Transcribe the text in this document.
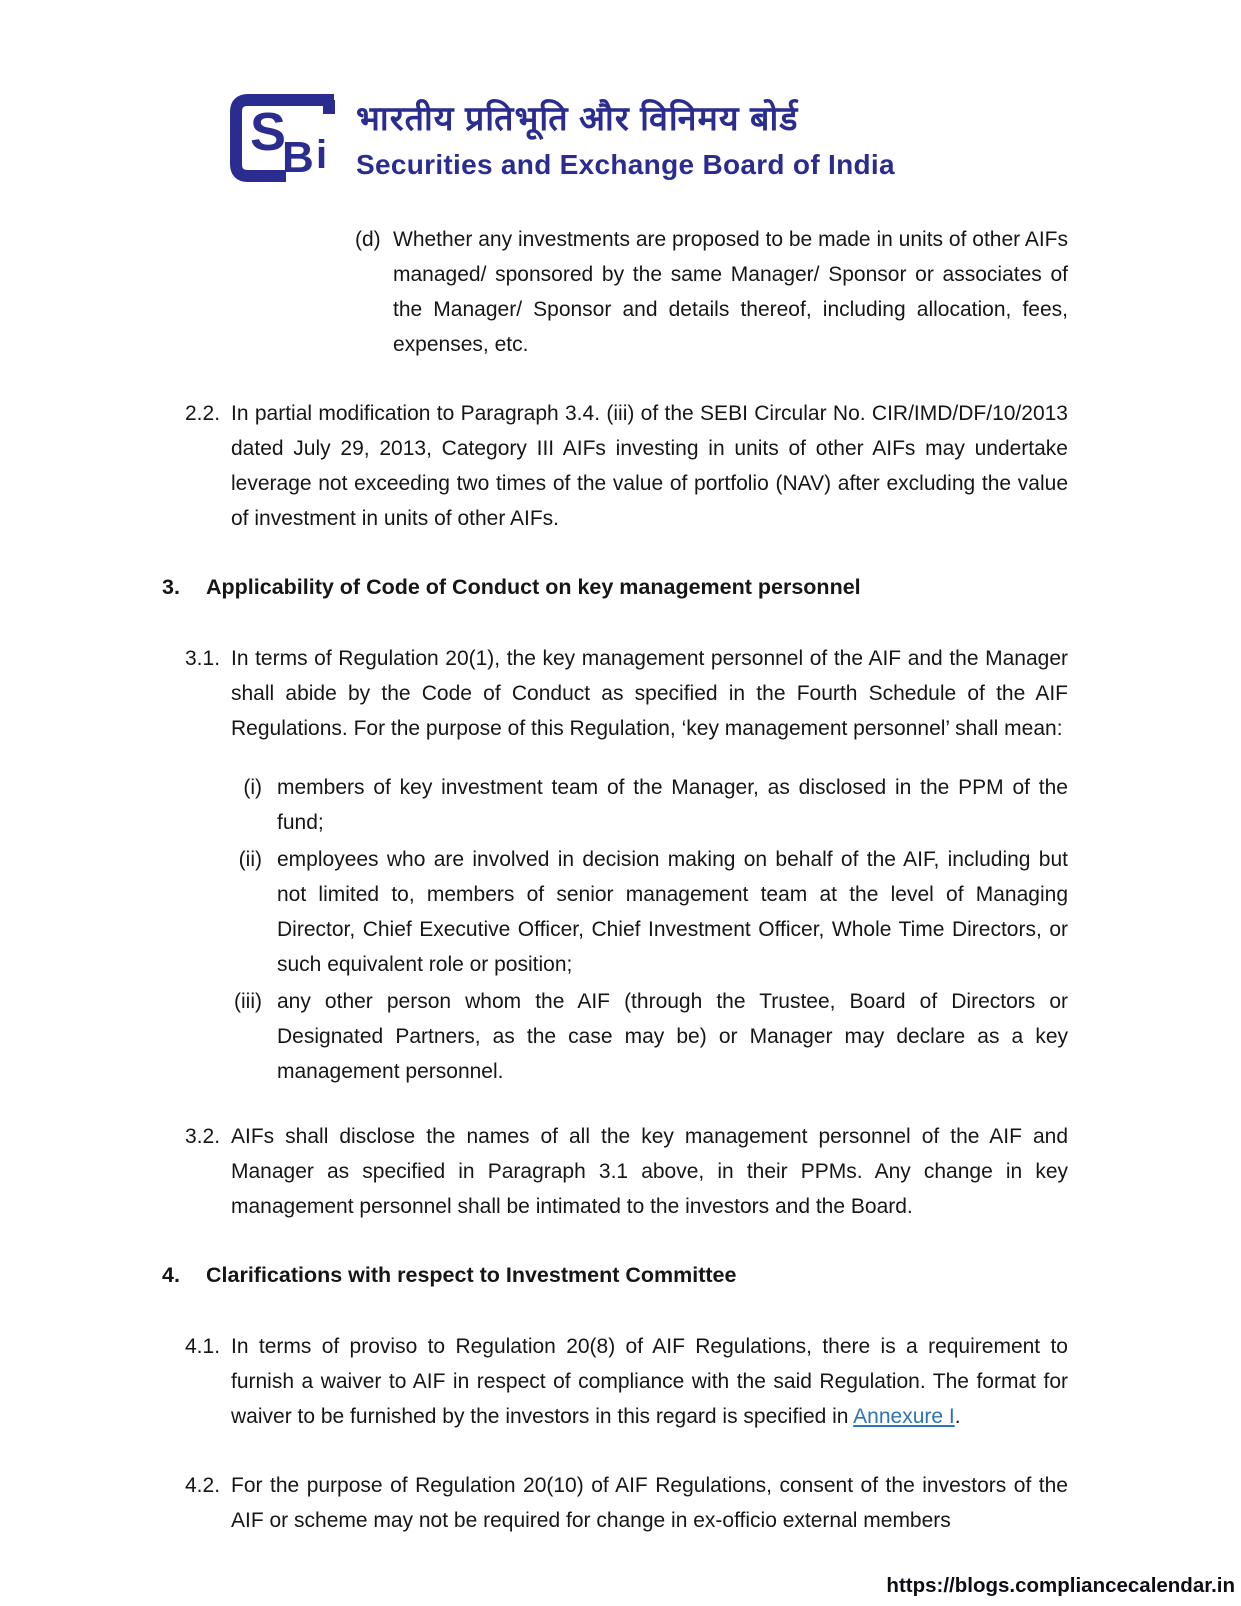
S
B i
भारतीय प्रतिभूति और विनिमय बोर्ड
Securities and Exchange Board of India
(d) Whether any investments are proposed to be made in units of other AIFs managed/ sponsored by the same Manager/ Sponsor or associates of the Manager/ Sponsor and details thereof, including allocation, fees, expenses, etc.
2.2. In partial modification to Paragraph 3.4. (iii) of the SEBI Circular No. CIR/IMD/DF/10/2013 dated July 29, 2013, Category III AIFs investing in units of other AIFs may undertake leverage not exceeding two times of the value of portfolio (NAV) after excluding the value of investment in units of other AIFs.
3.	Applicability of Code of Conduct on key management personnel
3.1. In terms of Regulation 20(1), the key management personnel of the AIF and the Manager shall abide by the Code of Conduct as specified in the Fourth Schedule of the AIF Regulations. For the purpose of this Regulation, ‘key management personnel’ shall mean:
(i) members of key investment team of the Manager, as disclosed in the PPM of the fund;
(ii) employees who are involved in decision making on behalf of the AIF, including but not limited to, members of senior management team at the level of Managing Director, Chief Executive Officer, Chief Investment Officer, Whole Time Directors, or such equivalent role or position;
(iii) any other person whom the AIF (through the Trustee, Board of Directors or Designated Partners, as the case may be) or Manager may declare as a key management personnel.
3.2. AIFs shall disclose the names of all the key management personnel of the AIF and Manager as specified in Paragraph 3.1 above, in their PPMs. Any change in key management personnel shall be intimated to the investors and the Board.
4.	Clarifications with respect to Investment Committee
4.1. In terms of proviso to Regulation 20(8) of AIF Regulations, there is a requirement to furnish a waiver to AIF in respect of compliance with the said Regulation. The format for waiver to be furnished by the investors in this regard is specified in Annexure I.
4.2. For the purpose of Regulation 20(10) of AIF Regulations, consent of the investors of the AIF or scheme may not be required for change in ex-officio external members
https://blogs.compliancecalendar.in
